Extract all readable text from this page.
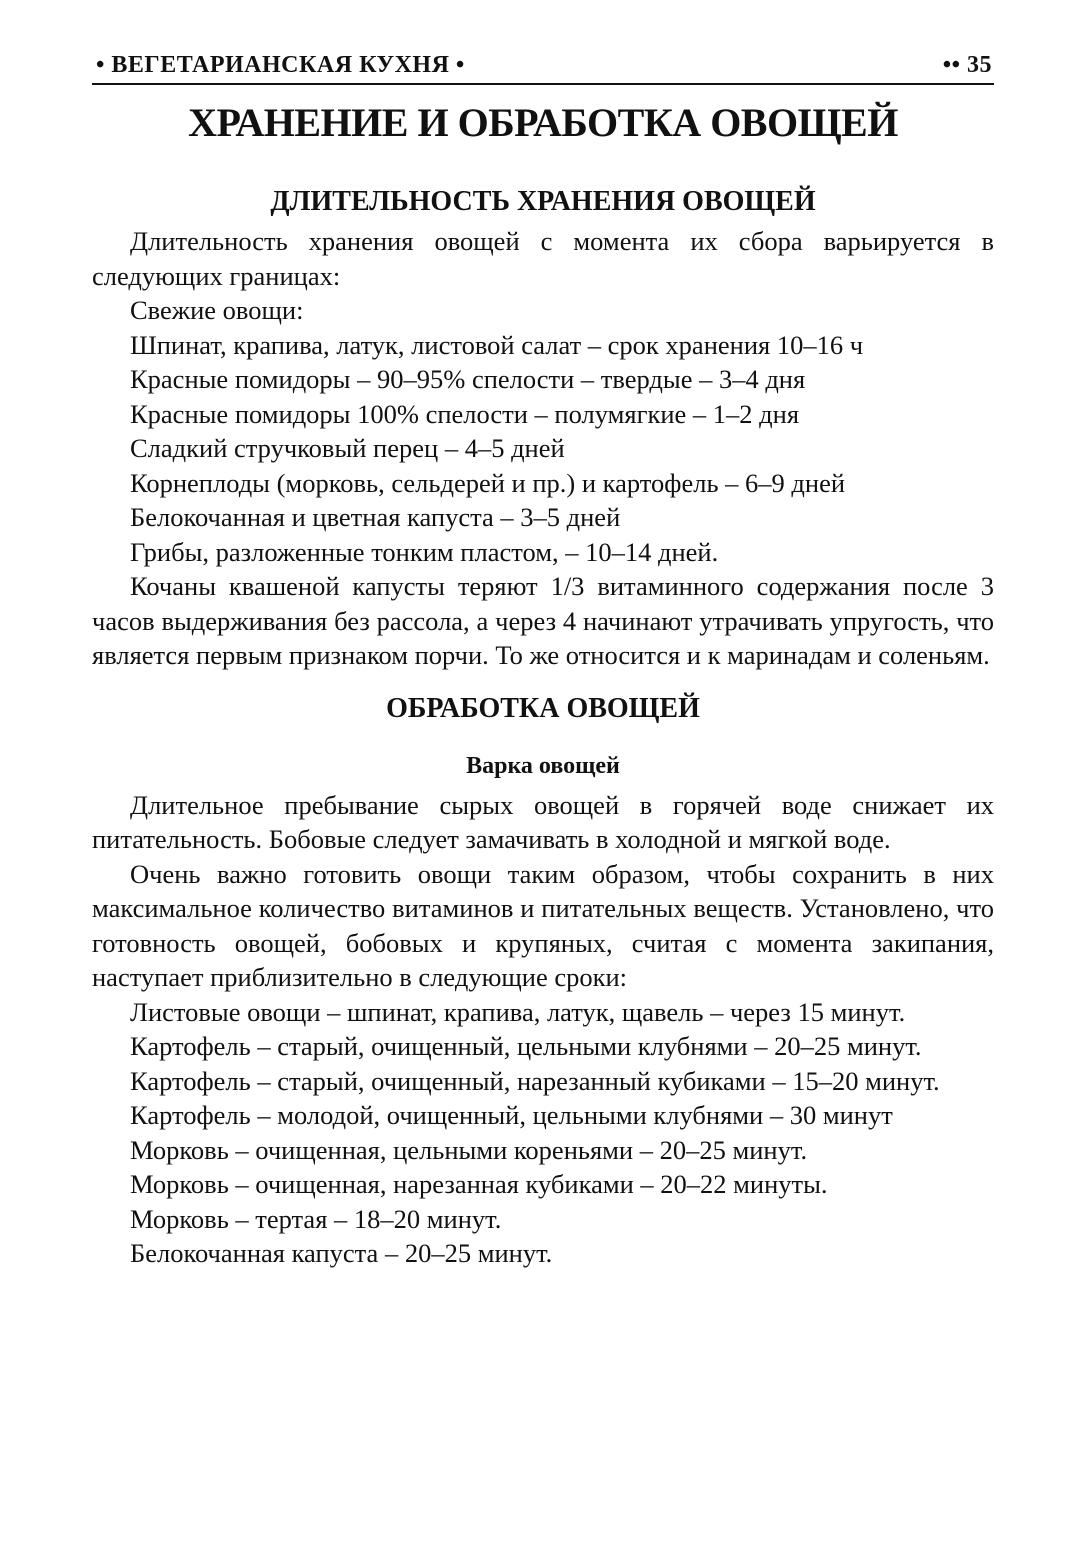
• ВЕГЕТАРИАНСКАЯ КУХНЯ •	•• 35
ХРАНЕНИЕ И ОБРАБОТКА ОВОЩЕЙ
ДЛИТЕЛЬНОСТЬ ХРАНЕНИЯ ОВОЩЕЙ

Длительность хранения овощей с момента их сбора варьируется в следующих границах:

Свежие овощи:

Шпинат, крапива, латук, листовой салат – срок хранения 10–16 ч

Красные помидоры – 90–95% спелости – твердые – 3–4 дня

Красные помидоры 100% спелости – полумягкие – 1–2 дня

Сладкий стручковый перец – 4–5 дней

Корнеплоды (морковь, сельдерей и пр.) и картофель – 6–9 дней

Белокочанная и цветная капуста – 3–5 дней

Грибы, разложенные тонким пластом, – 10–14 дней.

Кочаны квашеной капусты теряют 1/3 витаминного содержания после 3 часов выдерживания без рассола, а через 4 начинают утрачивать упругость, что является первым признаком порчи. То же относится и к маринадам и соленьям.

ОБРАБОТКА ОВОЩЕЙ
Варка овощей

Длительное пребывание сырых овощей в горячей воде снижает их питательность. Бобовые следует замачивать в холодной и мягкой воде.

Очень важно готовить овощи таким образом, чтобы сохранить в них максимальное количество витаминов и питательных веществ. Установлено, что готовность овощей, бобовых и крупяных, считая с момента закипания, наступает приблизительно в следующие сроки:

Листовые овощи – шпинат, крапива, латук, щавель – через 15 минут.

Картофель – старый, очищенный, цельными клубнями – 20–25 минут.

Картофель – старый, очищенный, нарезанный кубиками – 15–20 минут.

Картофель – молодой, очищенный, цельными клубнями – 30 минут

Морковь – очищенная, цельными кореньями – 20–25 минут.

Морковь – очищенная, нарезанная кубиками – 20–22 минуты.

Морковь – тертая – 18–20 минут.

Белокочанная капуста – 20–25 минут.
